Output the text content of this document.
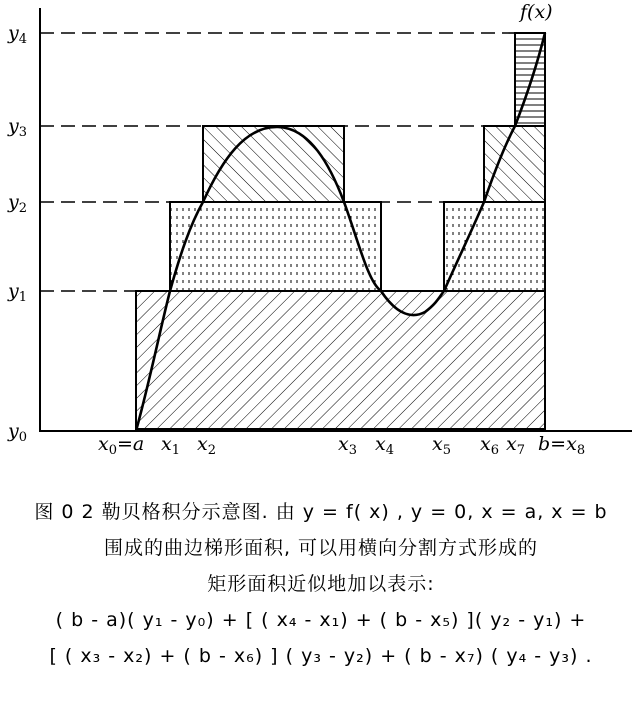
$y_0$
$y_1$
$y_2$
$y_3$
$y_4$
$x_0=a$ $x_1$ $x_2$	$x_3$ $x_4$ $x_5$ $x_6$ $x_7$ $b=x_8$
f(x)
图 0 2 勒贝格积分示意图. 由 y = f( x) , y = 0, x = a, x = b
围成的曲边梯形面积, 可以用横向分割方式形成的
矩形面积近似地加以表示:
( b - a)( y₁ - y₀) + [ ( x₄ - x₁) + ( b - x₅) ]( y₂ - y₁) +
[ ( x₃ - x₂) + ( b - x₆) ] ( y₃ - y₂) + ( b - x₇) ( y₄ - y₃) .
